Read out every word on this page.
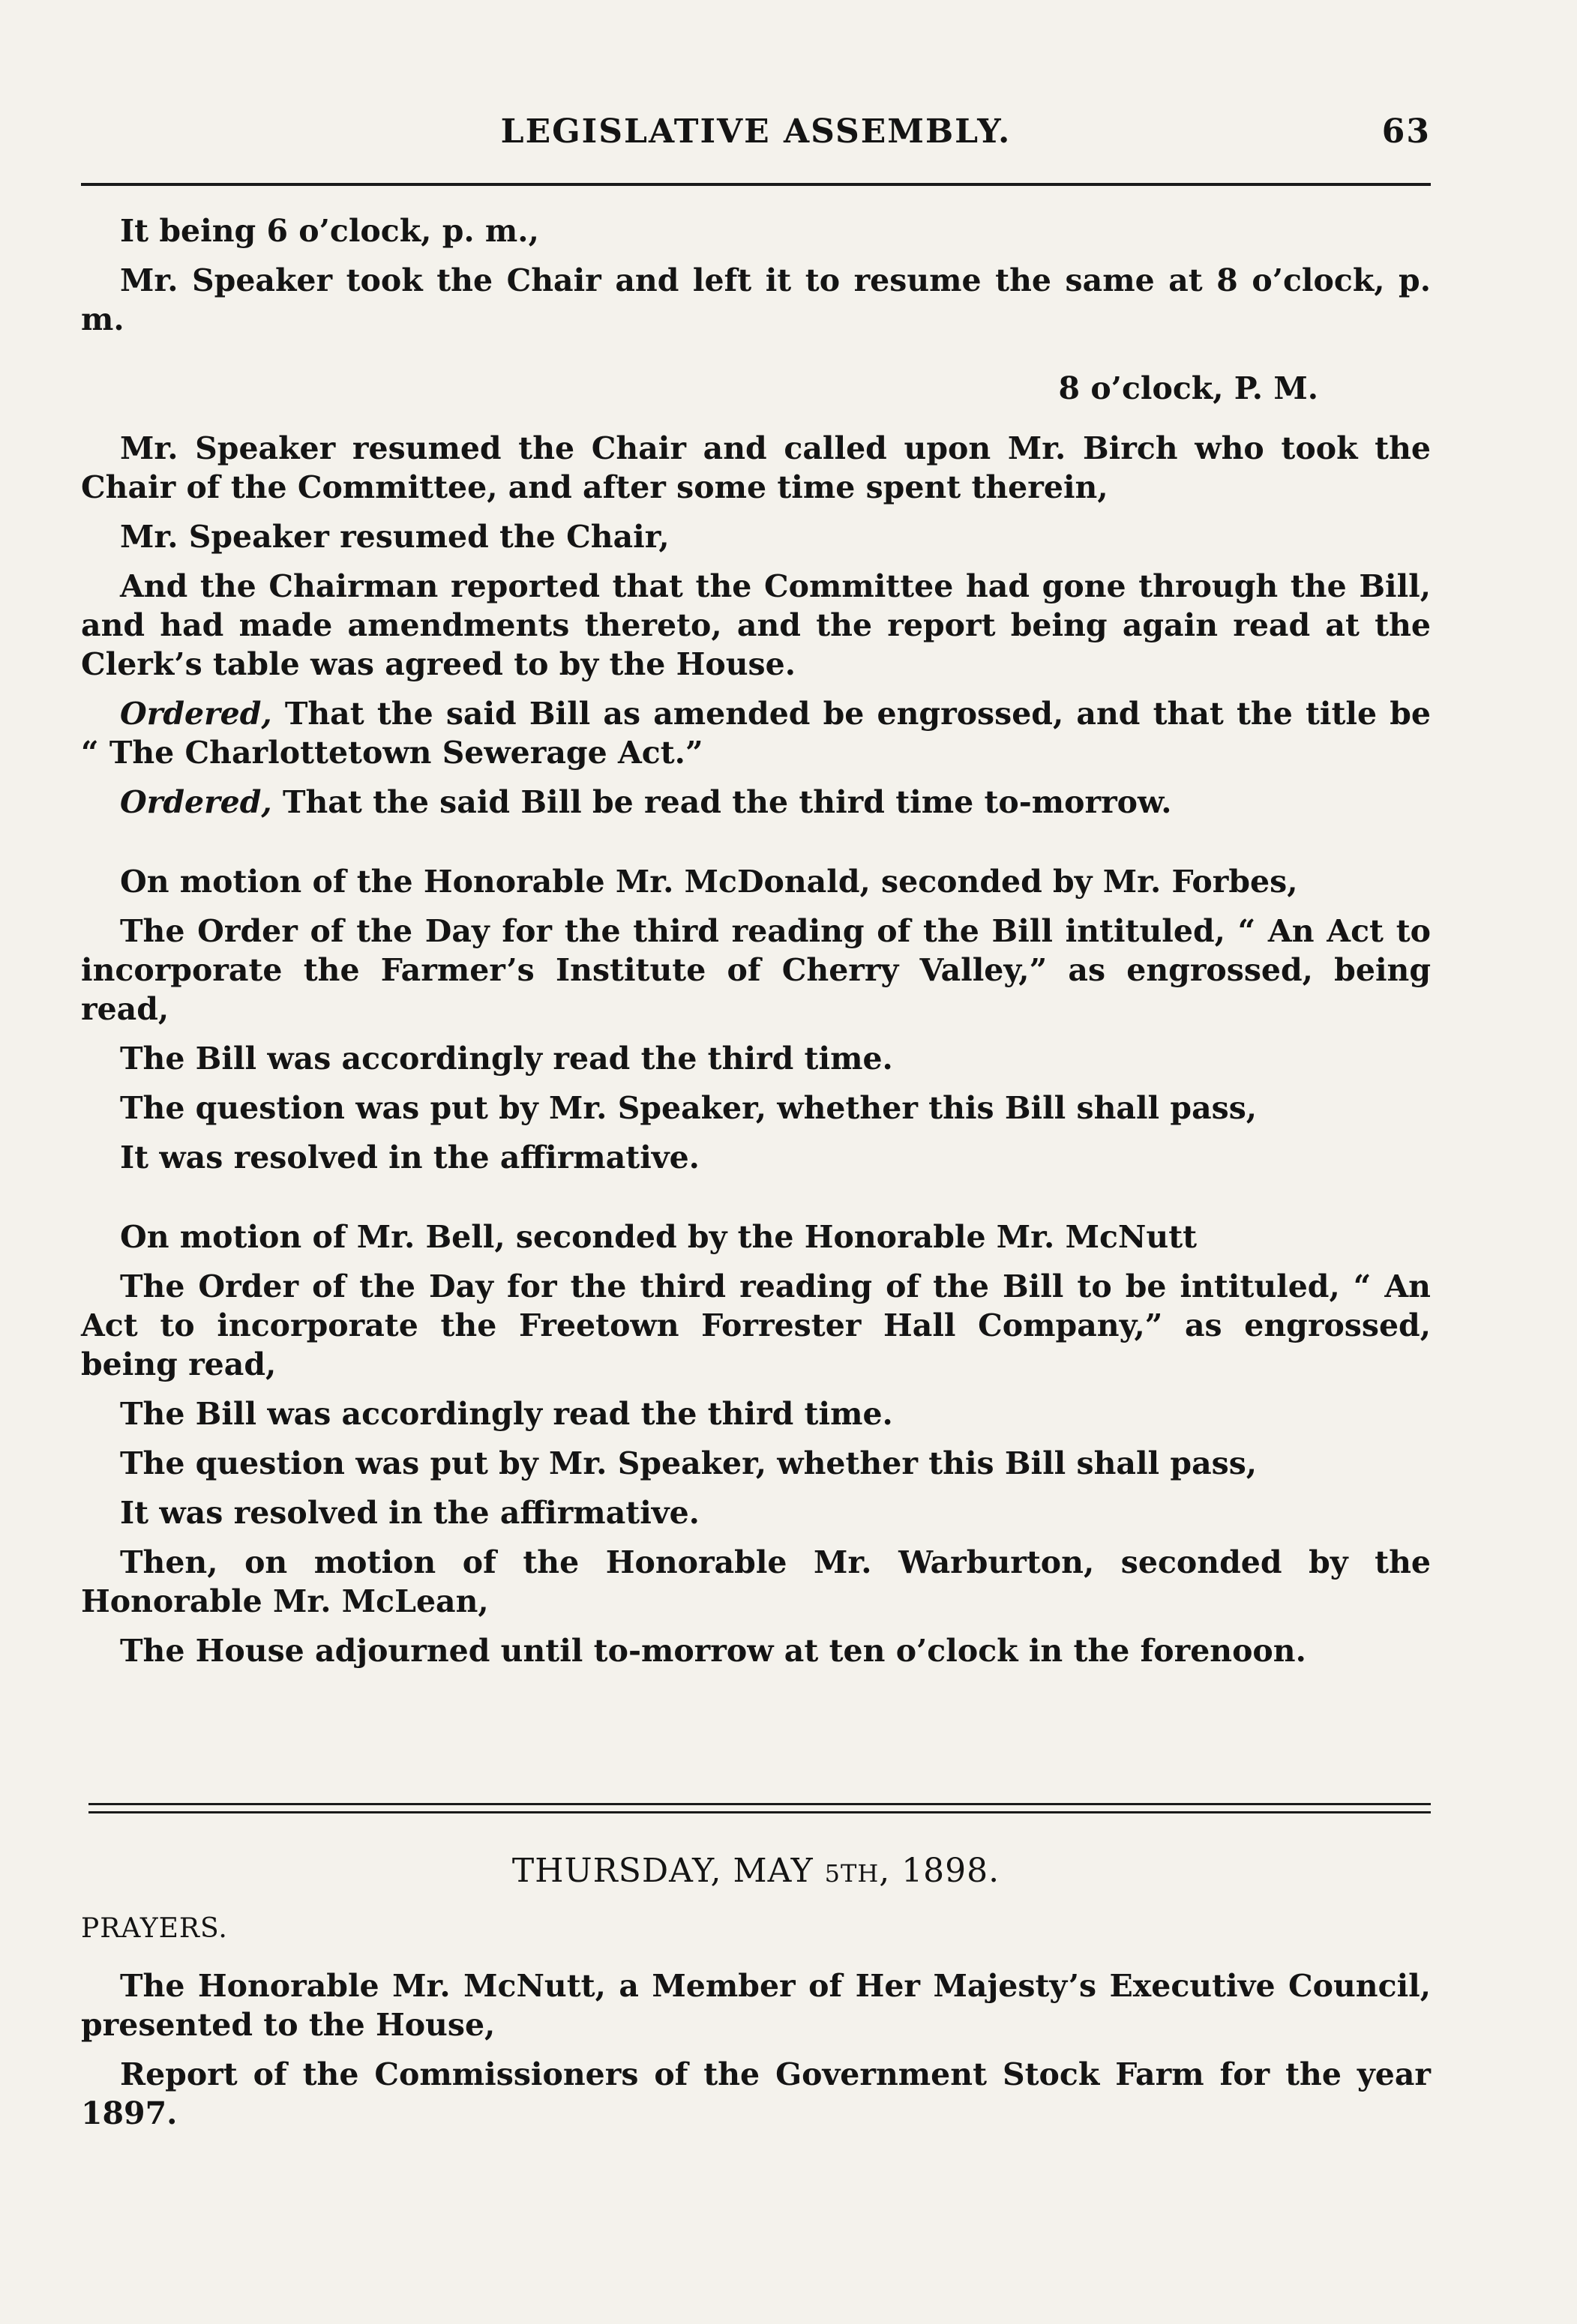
LEGISLATIVE ASSEMBLY.	63

It being 6 o’clock, p. m.,

Mr. Speaker took the Chair and left it to resume the same at 8 o’clock, p. m.

8 o’clock, P. M.

Mr. Speaker resumed the Chair and called upon Mr. Birch who took the Chair of the Committee, and after some time spent therein,

Mr. Speaker resumed the Chair,

And the Chairman reported that the Committee had gone through the Bill, and had made amendments thereto, and the report being again read at the Clerk’s table was agreed to by the House.

Ordered, That the said Bill as amended be engrossed, and that the title be “ The Charlottetown Sewerage Act.”

Ordered, That the said Bill be read the third time to-morrow.

On motion of the Honorable Mr. McDonald, seconded by Mr. Forbes,

The Order of the Day for the third reading of the Bill intituled, “ An Act to incorporate the Farmer’s Institute of Cherry Valley,” as engrossed, being read,

The Bill was accordingly read the third time.

The question was put by Mr. Speaker, whether this Bill shall pass,

It was resolved in the affirmative.

On motion of Mr. Bell, seconded by the Honorable Mr. McNutt

The Order of the Day for the third reading of the Bill to be intituled, “ An Act to incorporate the Freetown Forrester Hall Company,” as engrossed, being read,

The Bill was accordingly read the third time.

The question was put by Mr. Speaker, whether this Bill shall pass,

It was resolved in the affirmative.

Then, on motion of the Honorable Mr. Warburton, seconded by the Honorable Mr. McLean,

The House adjourned until to-morrow at ten o’clock in the forenoon.

THURSDAY, MAY 5TH, 1898.

PRAYERS.

The Honorable Mr. McNutt, a Member of Her Majesty’s Executive Council, presented to the House,

Report of the Commissioners of the Government Stock Farm for the year 1897.
